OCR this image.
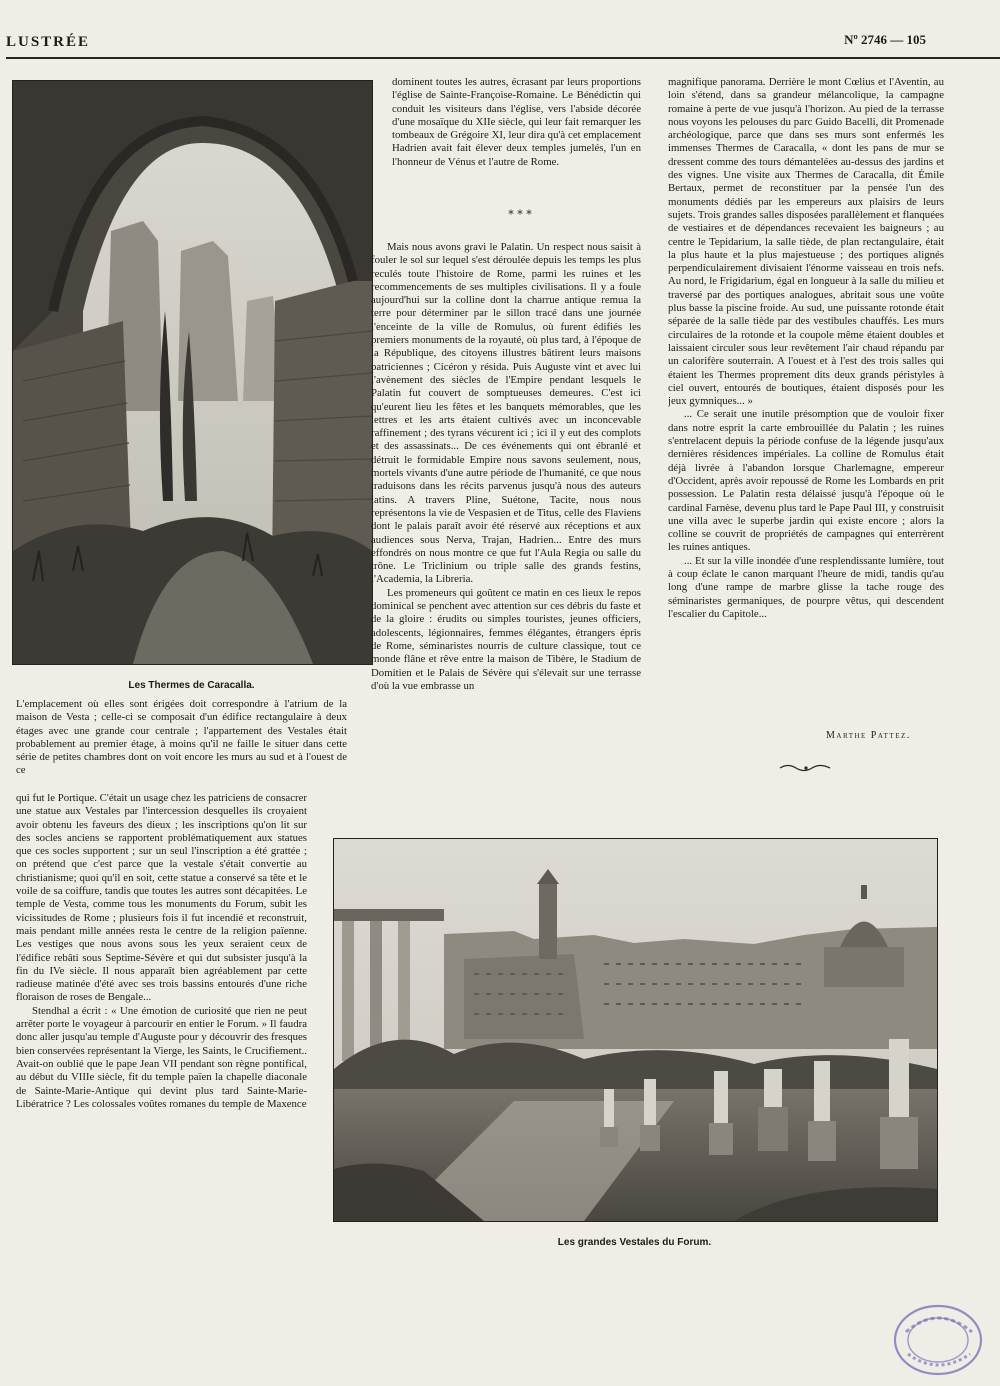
LUSTRÉE	Nº 2746 — 105
Les Thermes de Caracalla.

L'emplacement où elles sont érigées doit correspondre à l'atrium de la maison de Vesta ; celle-ci se composait d'un édifice rectangulaire à deux étages avec une grande cour centrale ; l'appartement des Vestales était probablement au premier étage, à moins qu'il ne faille le situer dans cette série de petites chambres dont on voit encore les murs au sud et à l'ouest de ce

qui fut le Portique. C'était un usage chez les patriciens de consacrer une statue aux Vestales par l'intercession desquelles ils croyaient avoir obtenu les faveurs des dieux ; les inscriptions qu'on lit sur des socles anciens se rapportent problématiquement aux statues que ces socles supportent ; sur un seul l'inscription a été grattée ; on prétend que c'est parce que la vestale s'était convertie au christianisme; quoi qu'il en soit, cette statue a conservé sa tête et le voile de sa coiffure, tandis que toutes les autres sont décapitées. Le temple de Vesta, comme tous les monuments du Forum, subit les vicissitudes de Rome ; plusieurs fois il fut incendié et reconstruit, mais pendant mille années resta le centre de la religion païenne. Les vestiges que nous avons sous les yeux seraient ceux de l'édifice rebâti sous Septime-Sévère et qui dut subsister jusqu'à la fin du IVe siècle. Il nous apparaît bien agréablement par cette radieuse matinée d'été avec ses trois bassins entourés d'une riche floraison de roses de Bengale...

Stendhal a écrit : « Une émotion de curiosité que rien ne peut arrêter porte le voyageur à parcourir en entier le Forum. » Il faudra donc aller jusqu'au temple d'Auguste pour y découvrir des fresques bien conservées représentant la Vierge, les Saints, le Crucifiement.. Avait-on oublié que le pape Jean VII pendant son règne pontifical, au début du VIIIe siècle, fit du temple païen la chapelle diaconale de Sainte-Marie-Antique qui devint plus tard Sainte-Marie-Libératrice ? Les colossales voûtes romanes du temple de Maxence

dominent toutes les autres, écrasant par leurs proportions l'église de Sainte-Françoise-Romaine. Le Bénédictin qui conduit les visiteurs dans l'église, vers l'abside décorée d'une mosaïque du XIIe siècle, qui leur fait remarquer les tombeaux de Grégoire XI, leur dira qu'à cet emplacement Hadrien avait fait élever deux temples jumelés, l'un en l'honneur de Vénus et l'autre de Rome.

* * *

Mais nous avons gravi le Palatin. Un respect nous saisit à fouler le sol sur lequel s'est déroulée depuis les temps les plus reculés toute l'histoire de Rome, parmi les ruines et les recommencements de ses multiples civilisations. Il y a foule aujourd'hui sur la colline dont la charrue antique remua la terre pour déterminer par le sillon tracé dans une journée l'enceinte de la ville de Romulus, où furent édifiés les premiers monuments de la royauté, où plus tard, à l'époque de la République, des citoyens illustres bâtirent leurs maisons patriciennes ; Cicéron y résida. Puis Auguste vint et avec lui l'avènement des siècles de l'Empire pendant lesquels le Palatin fut couvert de somptueuses demeures. C'est ici qu'eurent lieu les fêtes et les banquets mémorables, que les lettres et les arts étaient cultivés avec un inconcevable raffinement ; des tyrans vécurent ici ; ici il y eut des complots et des assassinats... De ces événements qui ont ébranlé et détruit le formidable Empire nous savons seulement, nous, mortels vivants d'une autre période de l'humanité, ce que nous traduisons dans les récits parvenus jusqu'à nous des auteurs latins. A travers Pline, Suétone, Tacite, nous nous représentons la vie de Vespasien et de Titus, celle des Flaviens dont le palais paraît avoir été réservé aux réceptions et aux audiences sous Nerva, Trajan, Hadrien... Entre des murs effondrés on nous montre ce que fut l'Aula Regia ou salle du trône. Le Triclinium ou triple salle des grands festins, l'Academia, la Libreria.

Les promeneurs qui goûtent ce matin en ces lieux le repos dominical se penchent avec attention sur ces débris du faste et de la gloire : érudits ou simples touristes, jeunes officiers, adolescents, légionnaires, femmes élégantes, étrangers épris de Rome, séminaristes nourris de culture classique, tout ce monde flâne et rêve entre la maison de Tibère, le Stadium de Domitien et le Palais de Sévère qui s'élevait sur une terrasse d'où la vue embrasse un

magnifique panorama. Derrière le mont Cœlius et l'Aventin, au loin s'étend, dans sa grandeur mélancolique, la campagne romaine à perte de vue jusqu'à l'horizon. Au pied de la terrasse nous voyons les pelouses du parc Guido Bacelli, dit Promenade archéologique, parce que dans ses murs sont enfermés les immenses Thermes de Caracalla, « dont les pans de mur se dressent comme des tours démantelées au-dessus des jardins et des vignes. Une visite aux Thermes de Caracalla, dit Émile Bertaux, permet de reconstituer par la pensée l'un des monuments dédiés par les empereurs aux plaisirs de leurs sujets. Trois grandes salles disposées parallèlement et flanquées de vestiaires et de dépendances recevaient les baigneurs ; au centre le Tepidarium, la salle tiède, de plan rectangulaire, était la plus haute et la plus majestueuse ; des portiques alignés perpendiculairement divisaient l'énorme vaisseau en trois nefs. Au nord, le Frigidarium, égal en longueur à la salle du milieu et traversé par des portiques analogues, abritait sous une voûte plus basse la piscine froide. Au sud, une puissante rotonde était séparée de la salle tiède par des vestibules chauffés. Les murs circulaires de la rotonde et la coupole même étaient doubles et laissaient circuler sous leur revêtement l'air chaud répandu par un calorifère souterrain. A l'ouest et à l'est des trois salles qui étaient les Thermes proprement dits deux grands péristyles à ciel ouvert, entourés de boutiques, étaient disposés pour les jeux gymniques... »

... Ce serait une inutile présomption que de vouloir fixer dans notre esprit la carte embrouillée du Palatin ; les ruines s'entrelacent depuis la période confuse de la légende jusqu'aux dernières résidences impériales. La colline de Romulus était déjà livrée à l'abandon lorsque Charlemagne, empereur d'Occident, après avoir repoussé de Rome les Lombards en prit possession. Le Palatin resta délaissé jusqu'à l'époque où le cardinal Farnèse, devenu plus tard le Pape Paul III, y construisit une villa avec le superbe jardin qui existe encore ; alors la colline se couvrit de propriétés de campagnes qui enterrèrent les ruines antiques.

... Et sur la ville inondée d'une resplendissante lumière, tout à coup éclate le canon marquant l'heure de midi, tandis qu'au long d'une rampe de marbre glisse la tache rouge des séminaristes germaniques, de pourpre vêtus, qui descendent l'escalier du Capitole...

Marthe Pattez.
Les grandes Vestales du Forum.
